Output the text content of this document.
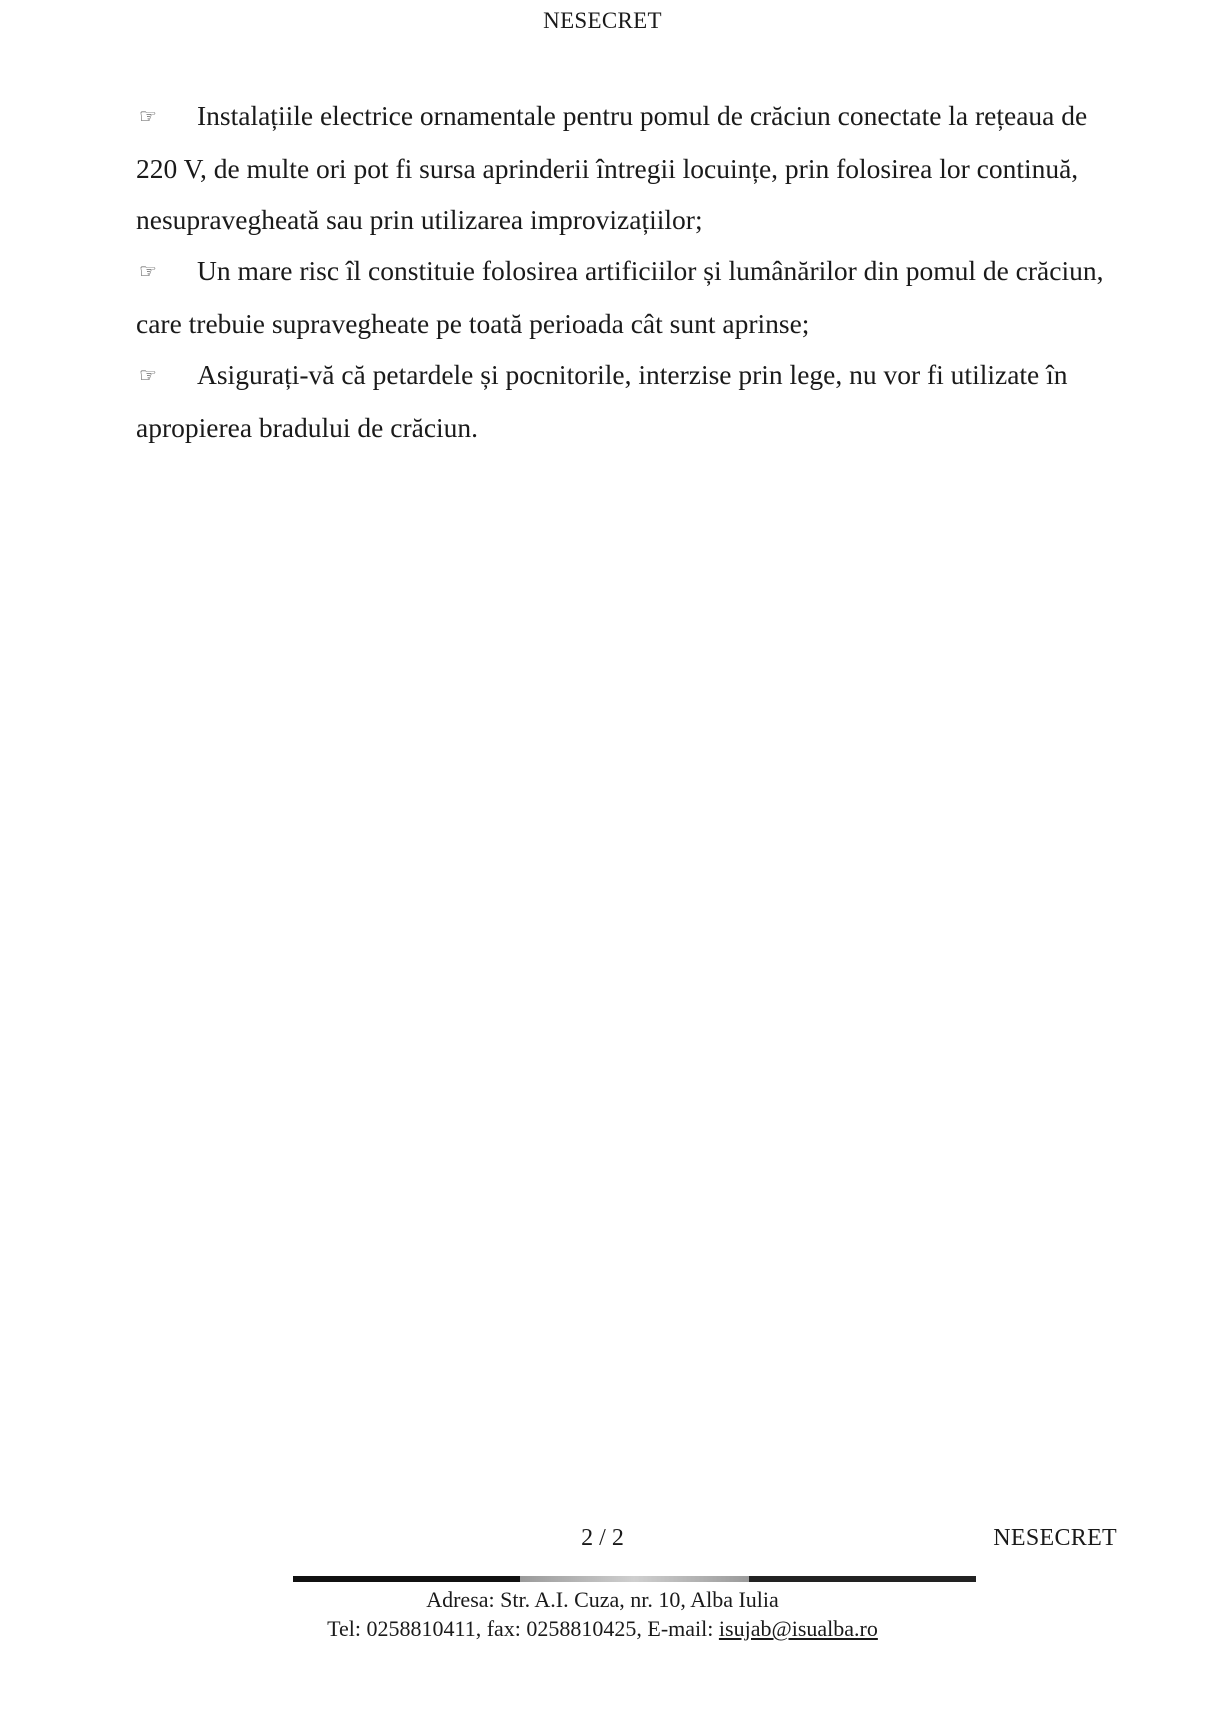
NESECRET

☞ Instalațiile electrice ornamentale pentru pomul de crăciun conectate la rețeaua de 220 V, de multe ori pot fi sursa aprinderii întregii locuințe, prin folosirea lor continuă, nesupravegheată sau prin utilizarea improvizațiilor;

☞ Un mare risc îl constituie folosirea artificiilor și lumânărilor din pomul de crăciun, care trebuie supravegheate pe toată perioada cât sunt aprinse;

☞ Asigurați-vă că petardele și pocnitorile, interzise prin lege, nu vor fi utilizate în apropierea bradului de crăciun.

2 / 2	NESECRET
Adresa: Str. A.I. Cuza, nr. 10, Alba Iulia
Tel: 0258810411, fax: 0258810425, E-mail: isujab@isualba.ro
